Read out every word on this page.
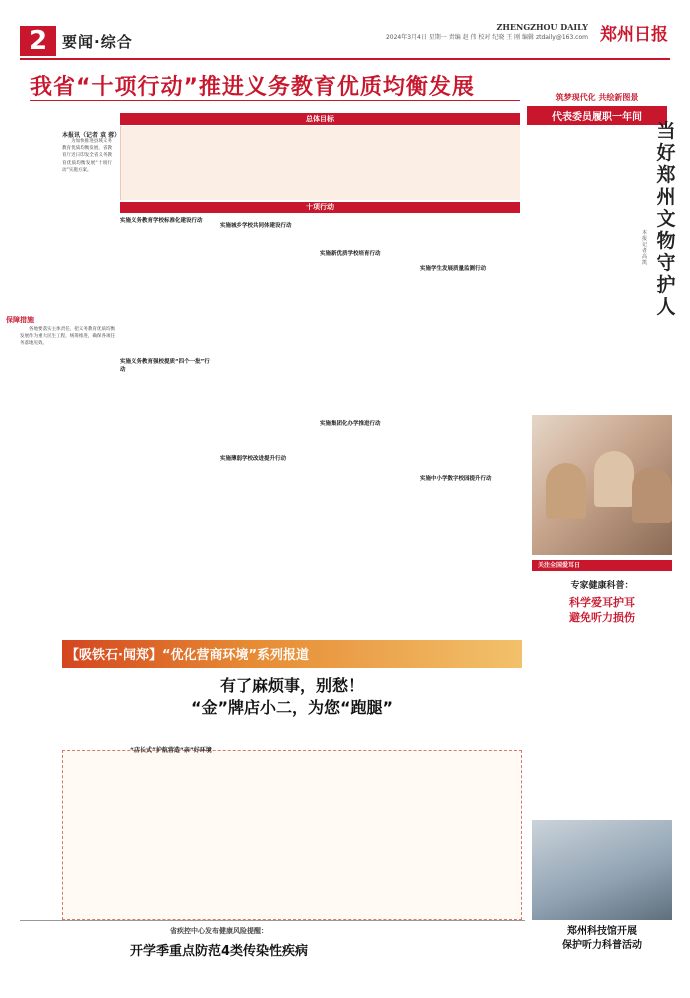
2 要闻·综合	郑州日报
ZHENGZHOU DAILY
2024年3月4日 星期一 责编 赵 伟 校对 纪晓 王 刚 编辑 ztdaily@163.com
我省“十项行动”推进义务教育优质均衡发展
本报讯（记者 袁 蓉）
为加快推进县域义务教育优质均衡发展，省教育厅近日印发全省义务教育优质均衡发展“十项行动”实施方案。
总体目标
十项行动
实施义务教育学校标准化建设行动
实施义务教育强校提质“四个一批”行动
实施城乡学校共同体建设行动
实施薄弱学校改进提升行动
实施新优质学校培育行动
实施集团化办学推进行动
实施学生发展质量监测行动
实施中小学数字校园提升行动
保障措施
各地要落实主体责任，把义务教育优质均衡发展作为重大民生工程，统筹推进，确保各项任务落地见效。
筑梦现代化 共绘新图景
代表委员履职一年间
当好郑州文物守护人
本报记者 高 凯
关注全国爱耳日
专家健康科普：
科学爱耳护耳
避免听力损伤
郑州科技馆开展
保护听力科普活动
【吸铁石·闻郑】“优化营商环境”系列报道
有了麻烦事，别愁！
“金”牌店小二，为您“跑腿”
“店长式”护航营造“亲”好环境
省疾控中心发布健康风险提醒：
开学季重点防范4类传染性疾病
